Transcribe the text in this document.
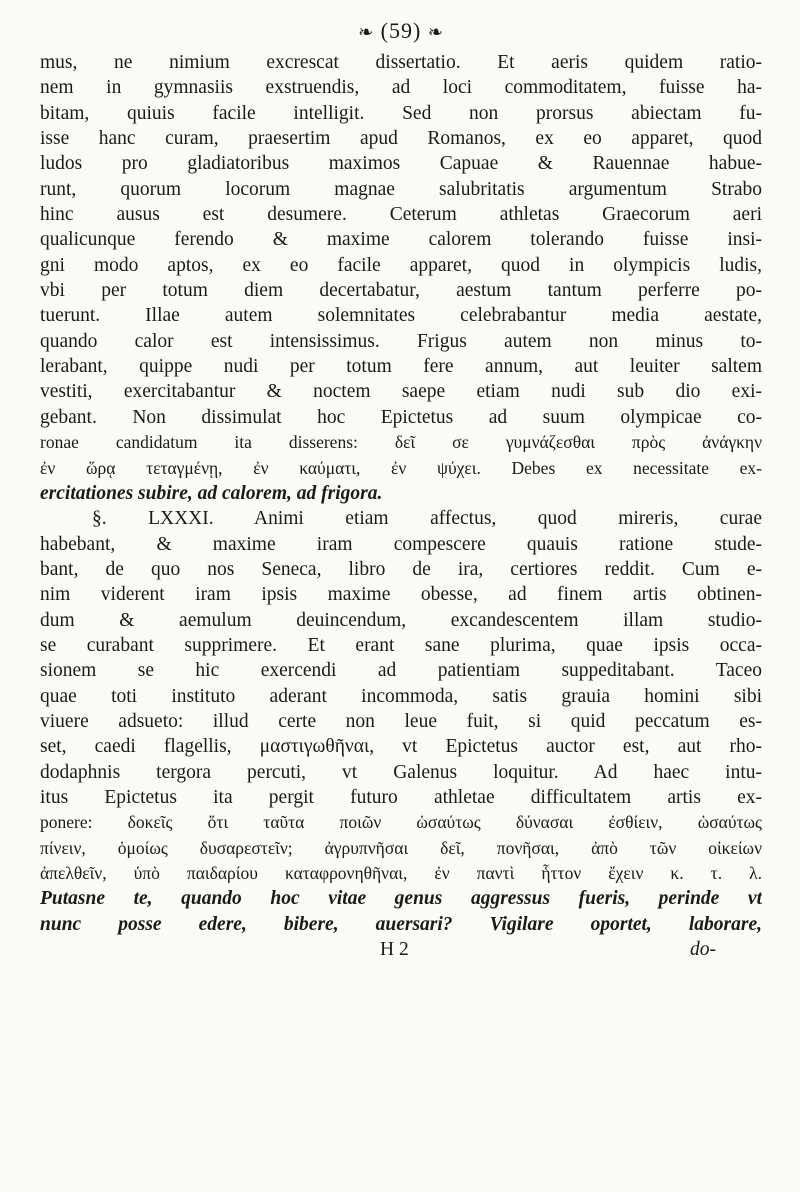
❧ (59) ❧
mus, ne nimium excrescat dissertatio. Et aeris quidem ratio-
nem in gymnasiis exstruendis, ad loci commoditatem, fuisse ha-
bitam, quiuis facile intelligit. Sed non prorsus abiectam fu-
isse hanc curam, praesertim apud Romanos, ex eo apparet, quod
ludos pro gladiatoribus maximos Capuae & Rauennae habue-
runt, quorum locorum magnae salubritatis argumentum Strabo
hinc ausus est desumere. Ceterum athletas Graecorum aeri
qualicunque ferendo & maxime calorem tolerando fuisse insi-
gni modo aptos, ex eo facile apparet, quod in olympicis ludis,
vbi per totum diem decertabatur, aestum tantum perferre po-
tuerunt. Illae autem solemnitates celebrabantur media aestate,
quando calor est intensissimus. Frigus autem non minus to-
lerabant, quippe nudi per totum fere annum, aut leuiter saltem
vestiti, exercitabantur & noctem saepe etiam nudi sub dio exi-
gebant. Non dissimulat hoc Epictetus ad suum olympicae co-
ronae candidatum ita disserens: δεῖ σε γυμνάζεσθαι πρὸς ἀνάγκην
ἐν ὥρᾳ τεταγμένῃ, ἐν καύματι, ἐν ψύχει. Debes ex necessitate ex-
ercitationes subire, ad calorem, ad frigora.
§. LXXXI. Animi etiam affectus, quod mireris, curae
habebant, & maxime iram compescere quauis ratione stude-
bant, de quo nos Seneca, libro de ira, certiores reddit. Cum e-
nim viderent iram ipsis maxime obesse, ad finem artis obtinen-
dum & aemulum deuincendum, excandescentem illam studio-
se curabant supprimere. Et erant sane plurima, quae ipsis occa-
sionem se hic exercendi ad patientiam suppeditabant. Taceo
quae toti instituto aderant incommoda, satis grauia homini sibi
viuere adsueto: illud certe non leue fuit, si quid peccatum es-
set, caedi flagellis, μαστιγωθῆναι, vt Epictetus auctor est, aut rho-
dodaphnis tergora percuti, vt Galenus loquitur. Ad haec intu-
itus Epictetus ita pergit futuro athletae difficultatem artis ex-
ponere: δοκεῖς ὅτι ταῦτα ποιῶν ὡσαύτως δύνασαι ἐσθίειν, ὡσαύτως
πίνειν, ὁμοίως δυσαρεστεῖν; ἀγρυπνῆσαι δεῖ, πονῆσαι, ἀπὸ τῶν οἰκείων
ἀπελθεῖν, ὑπὸ παιδαρίου καταφρονηθῆναι, ἐν παντὶ ἧττον ἔχειν κ. τ. λ.
Putasne te, quando hoc vitae genus aggressus fueris, perinde vt
nunc posse edere, bibere, auersari? Vigilare oportet, laborare,
H 2	do-
